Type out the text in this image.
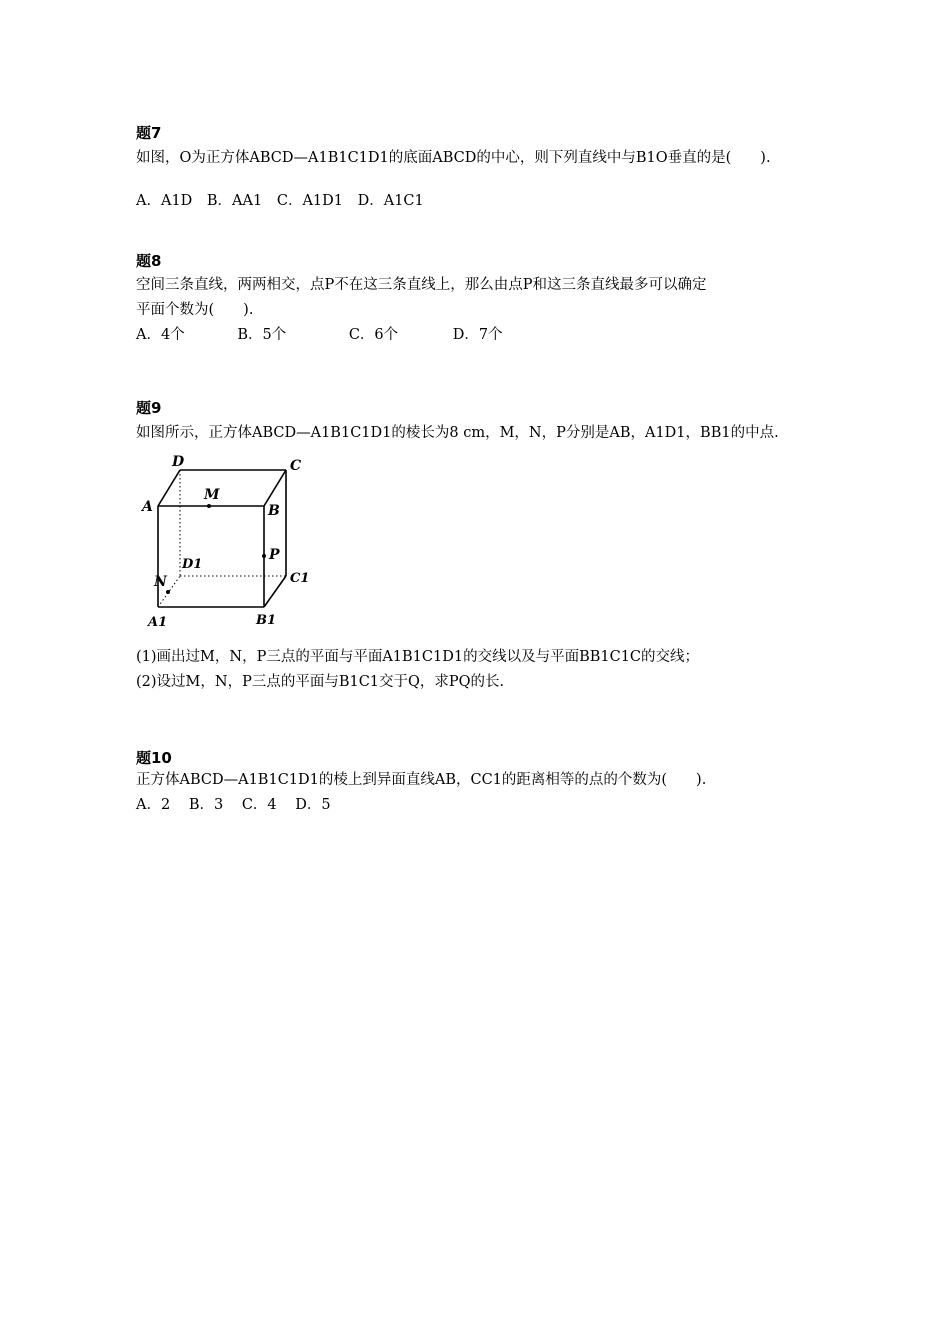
题7

如图，O为正方体ABCD—A1B1C1D1的底面ABCD的中心，则下列直线中与B1O垂直的是(　　).

A．A1D B．AA1 C．A1D1 D．A1C1

题8

空间三条直线，两两相交，点P不在这三条直线上，那么由点P和这三条直线最多可以确定

平面个数为(　　).

A．4个	B．5个	C．6个	D．7个

题9

如图所示，正方体ABCD—A1B1C1D1的棱长为8 cm，M，N，P分别是AB，A1D1，BB1的中点.

D	C
A
M
B
P
D1
C1
N
A1	B1

(1)画出过M，N，P三点的平面与平面A1B1C1D1的交线以及与平面BB1C1C的交线；

(2)设过M，N，P三点的平面与B1C1交于Q，求PQ的长.

题10

正方体ABCD—A1B1C1D1的棱上到异面直线AB，CC1的距离相等的点的个数为(　　).

A．2 B．3 C．4 D．5
